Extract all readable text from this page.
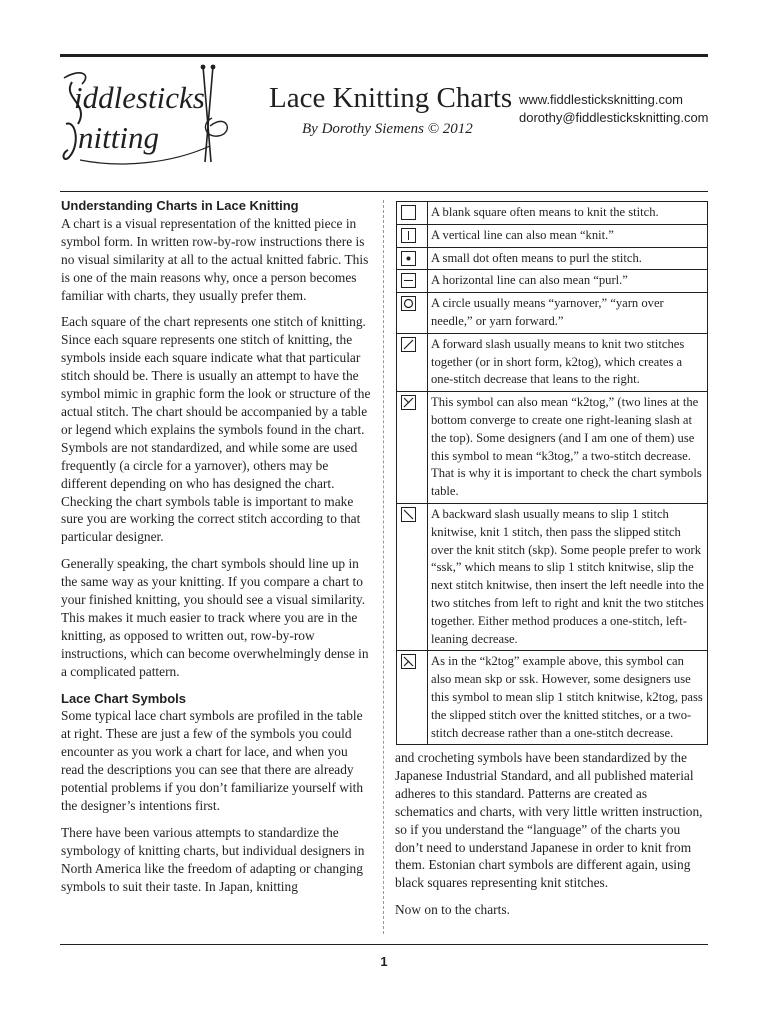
iddlesticks
nitting
Lace Knitting Charts
By Dorothy Siemens © 2012
www.fiddlesticksknitting.com
dorothy@fiddlesticksknitting.com
Understanding Charts in Lace Knitting

A chart is a visual representation of the knitted piece in symbol form. In written row-by-row instructions there is no visual similarity at all to the actual knitted fabric. This is one of the main reasons why, once a person becomes familiar with charts, they usually prefer them.

Each square of the chart represents one stitch of knitting. Since each square represents one stitch of knitting, the symbols inside each square indicate what that particular stitch should be. There is usually an attempt to have the symbol mimic in graphic form the look or structure of the actual stitch. The chart should be accompanied by a table or legend which explains the symbols found in the chart. Symbols are not standardized, and while some are used frequently (a circle for a yarnover), others may be different depending on who has designed the chart. Checking the chart symbols table is important to make sure you are working the correct stitch according to that particular designer.

Generally speaking, the chart symbols should line up in the same way as your knitting. If you compare a chart to your finished knitting, you should see a visual similarity. This makes it much easier to track where you are in the knitting, as opposed to written out, row-by-row instructions, which can become overwhelmingly dense in a complicated pattern.

Lace Chart Symbols

Some typical lace chart symbols are profiled in the table at right. These are just a few of the symbols you could encounter as you work a chart for lace, and when you read the descriptions you can see that there are already potential problems if you don’t familiarize yourself with the designer’s intentions first.

There have been various attempts to standardize the symbology of knitting charts, but individual designers in North America like the freedom of adapting or changing symbols to suit their taste. In Japan, knitting

	A blank square often means to knit the stitch.

	A vertical line can also mean “knit.”

	A small dot often means to purl the stitch.

	A horizontal line can also mean “purl.”

	A circle usually means “yarnover,” “yarn over needle,” or yarn forward.”

	A forward slash usually means to knit two stitches together (or in short form, k2tog), which creates a one-stitch decrease that leans to the right.

	This symbol can also mean “k2tog,” (two lines at the bottom converge to create one right-leaning slash at the top). Some designers (and I am one of them) use this symbol to mean “k3tog,” a two-stitch decrease. That is why it is important to check the chart symbols table.

	A backward slash usually means to slip 1 stitch knitwise, knit 1 stitch, then pass the slipped stitch over the knit stitch (skp). Some people prefer to work “ssk,” which means to slip 1 stitch knitwise, slip the next stitch knitwise, then insert the left needle into the two stitches from left to right and knit the two stitches together. Either method produces a one-stitch, left-leaning decrease.

	As in the “k2tog” example above, this symbol can also mean skp or ssk. However, some designers use this symbol to mean slip 1 stitch knitwise, k2tog, pass the slipped stitch over the knitted stitches, or a two-stitch decrease rather than a one-stitch decrease.

and crocheting symbols have been standardized by the Japanese Industrial Standard, and all published material adheres to this standard. Patterns are created as schematics and charts, with very little written instruction, so if you understand the “language” of the charts you don’t need to understand Japanese in order to knit from them. Estonian chart symbols are different again, using black squares representing knit stitches.

Now on to the charts.

1
